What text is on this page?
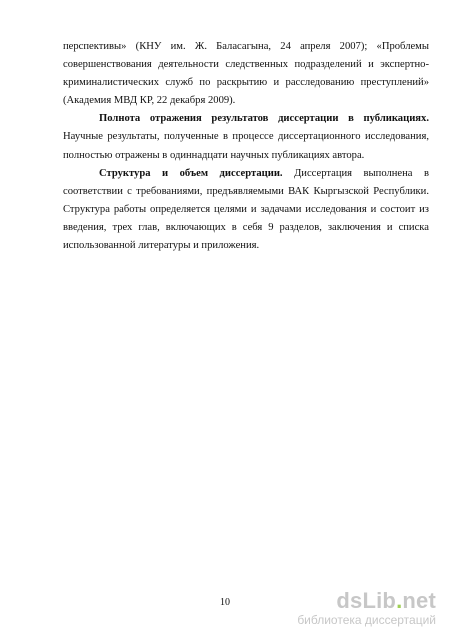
перспективы» (КНУ им. Ж. Баласагына, 24 апреля 2007); «Проблемы совершенствования деятельности следственных подразделений и экспертно-криминалистических служб по раскрытию и расследованию преступлений» (Академия МВД КР, 22 декабря 2009).

Полнота отражения результатов диссертации в публикациях. Научные результаты, полученные в процессе диссертационного исследования, полностью отражены в одиннадцати научных публикациях автора.

Структура и объем диссертации. Диссертация выполнена в соответствии с требованиями, предъявляемыми ВАК Кыргызской Республики. Структура работы определяется целями и задачами исследования и состоит из введения, трех глав, включающих в себя 9 разделов, заключения и списка использованной литературы и приложения.

10	dsLib.net
библиотека диссертаций
